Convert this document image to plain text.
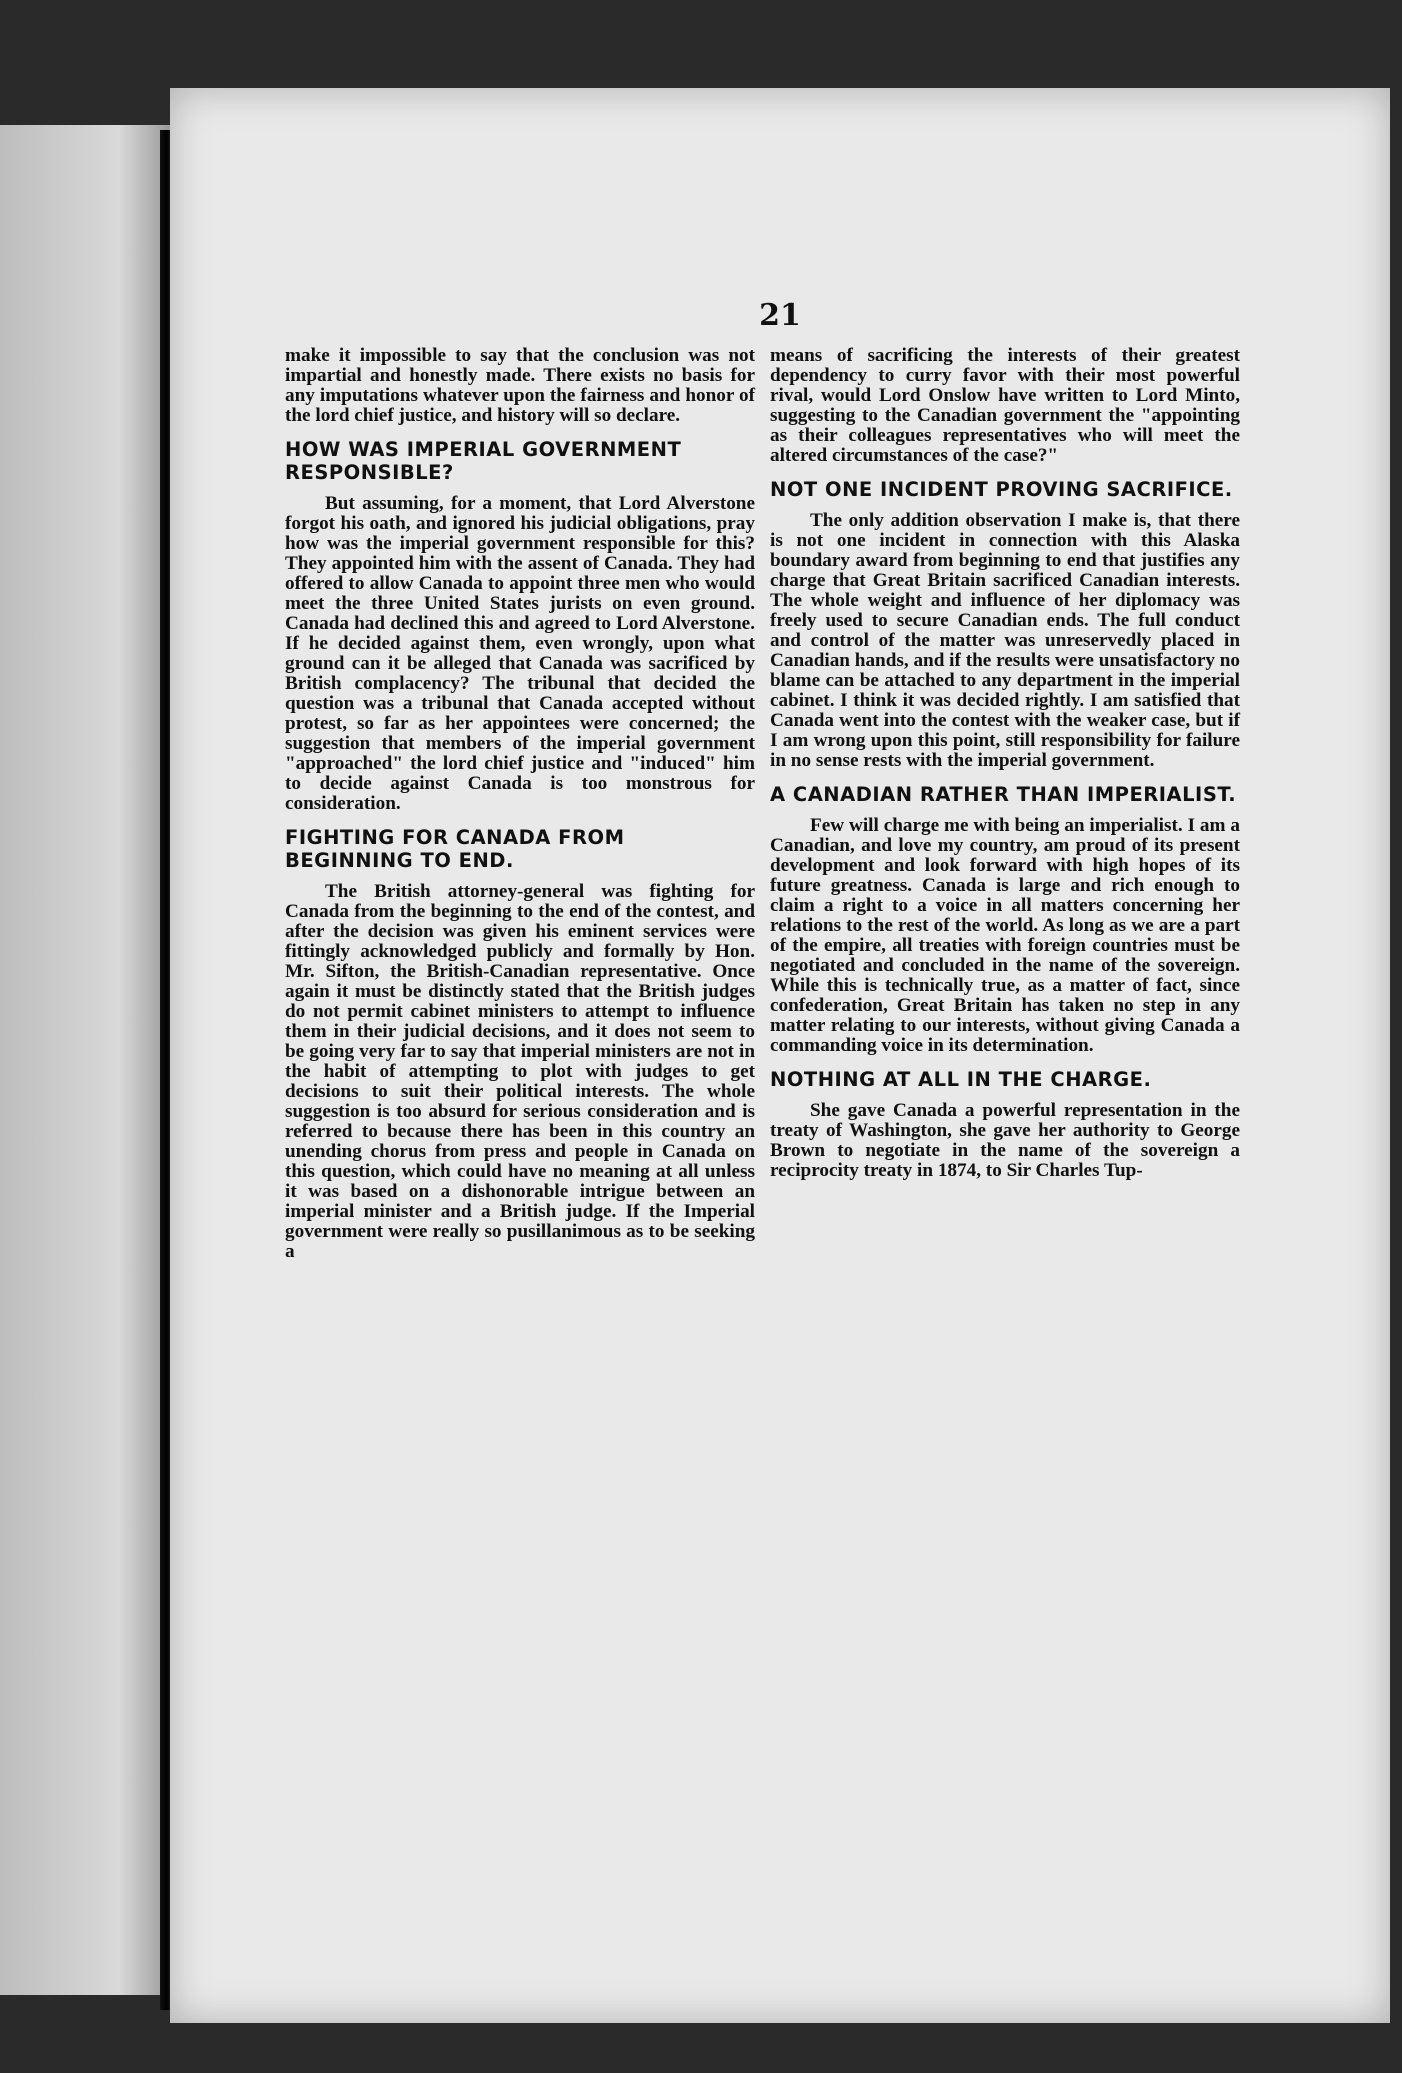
21

make it impossible to say that the conclusion was not impartial and honestly made. There exists no basis for any imputations whatever upon the fairness and honor of the lord chief justice, and history will so declare.

HOW WAS IMPERIAL GOVERNMENT RESPONSIBLE?

But assuming, for a moment, that Lord Alverstone forgot his oath, and ignored his judicial obligations, pray how was the imperial government responsible for this? They appointed him with the assent of Canada. They had offered to allow Canada to appoint three men who would meet the three United States jurists on even ground. Canada had declined this and agreed to Lord Alverstone. If he decided against them, even wrongly, upon what ground can it be alleged that Canada was sacrificed by British complacency? The tribunal that decided the question was a tribunal that Canada accepted without protest, so far as her appointees were concerned; the suggestion that members of the imperial government "approached" the lord chief justice and "induced" him to decide against Canada is too monstrous for consideration.

FIGHTING FOR CANADA FROM BEGINNING TO END.

The British attorney-general was fighting for Canada from the beginning to the end of the contest, and after the decision was given his eminent services were fittingly acknowledged publicly and formally by Hon. Mr. Sifton, the British-Canadian representative. Once again it must be distinctly stated that the British judges do not permit cabinet ministers to attempt to influence them in their judicial decisions, and it does not seem to be going very far to say that imperial ministers are not in the habit of attempting to plot with judges to get decisions to suit their political interests. The whole suggestion is too absurd for serious consideration and is referred to because there has been in this country an unending chorus from press and people in Canada on this question, which could have no meaning at all unless it was based on a dishonorable intrigue between an imperial minister and a British judge. If the Imperial government were really so pusillanimous as to be seeking a

means of sacrificing the interests of their greatest dependency to curry favor with their most powerful rival, would Lord Onslow have written to Lord Minto, suggesting to the Canadian government the "appointing as their colleagues representatives who will meet the altered circumstances of the case?"

NOT ONE INCIDENT PROVING SACRIFICE.

The only addition observation I make is, that there is not one incident in connection with this Alaska boundary award from beginning to end that justifies any charge that Great Britain sacrificed Canadian interests. The whole weight and influence of her diplomacy was freely used to secure Canadian ends. The full conduct and control of the matter was unreservedly placed in Canadian hands, and if the results were unsatisfactory no blame can be attached to any department in the imperial cabinet. I think it was decided rightly. I am satisfied that Canada went into the contest with the weaker case, but if I am wrong upon this point, still responsibility for failure in no sense rests with the imperial government.

A CANADIAN RATHER THAN IMPERIALIST.

Few will charge me with being an imperialist. I am a Canadian, and love my country, am proud of its present development and look forward with high hopes of its future greatness. Canada is large and rich enough to claim a right to a voice in all matters concerning her relations to the rest of the world. As long as we are a part of the empire, all treaties with foreign countries must be negotiated and concluded in the name of the sovereign. While this is technically true, as a matter of fact, since confederation, Great Britain has taken no step in any matter relating to our interests, without giving Canada a commanding voice in its determination.

NOTHING AT ALL IN THE CHARGE.

She gave Canada a powerful representation in the treaty of Washington, she gave her authority to George Brown to negotiate in the name of the sovereign a reciprocity treaty in 1874, to Sir Charles Tup-
